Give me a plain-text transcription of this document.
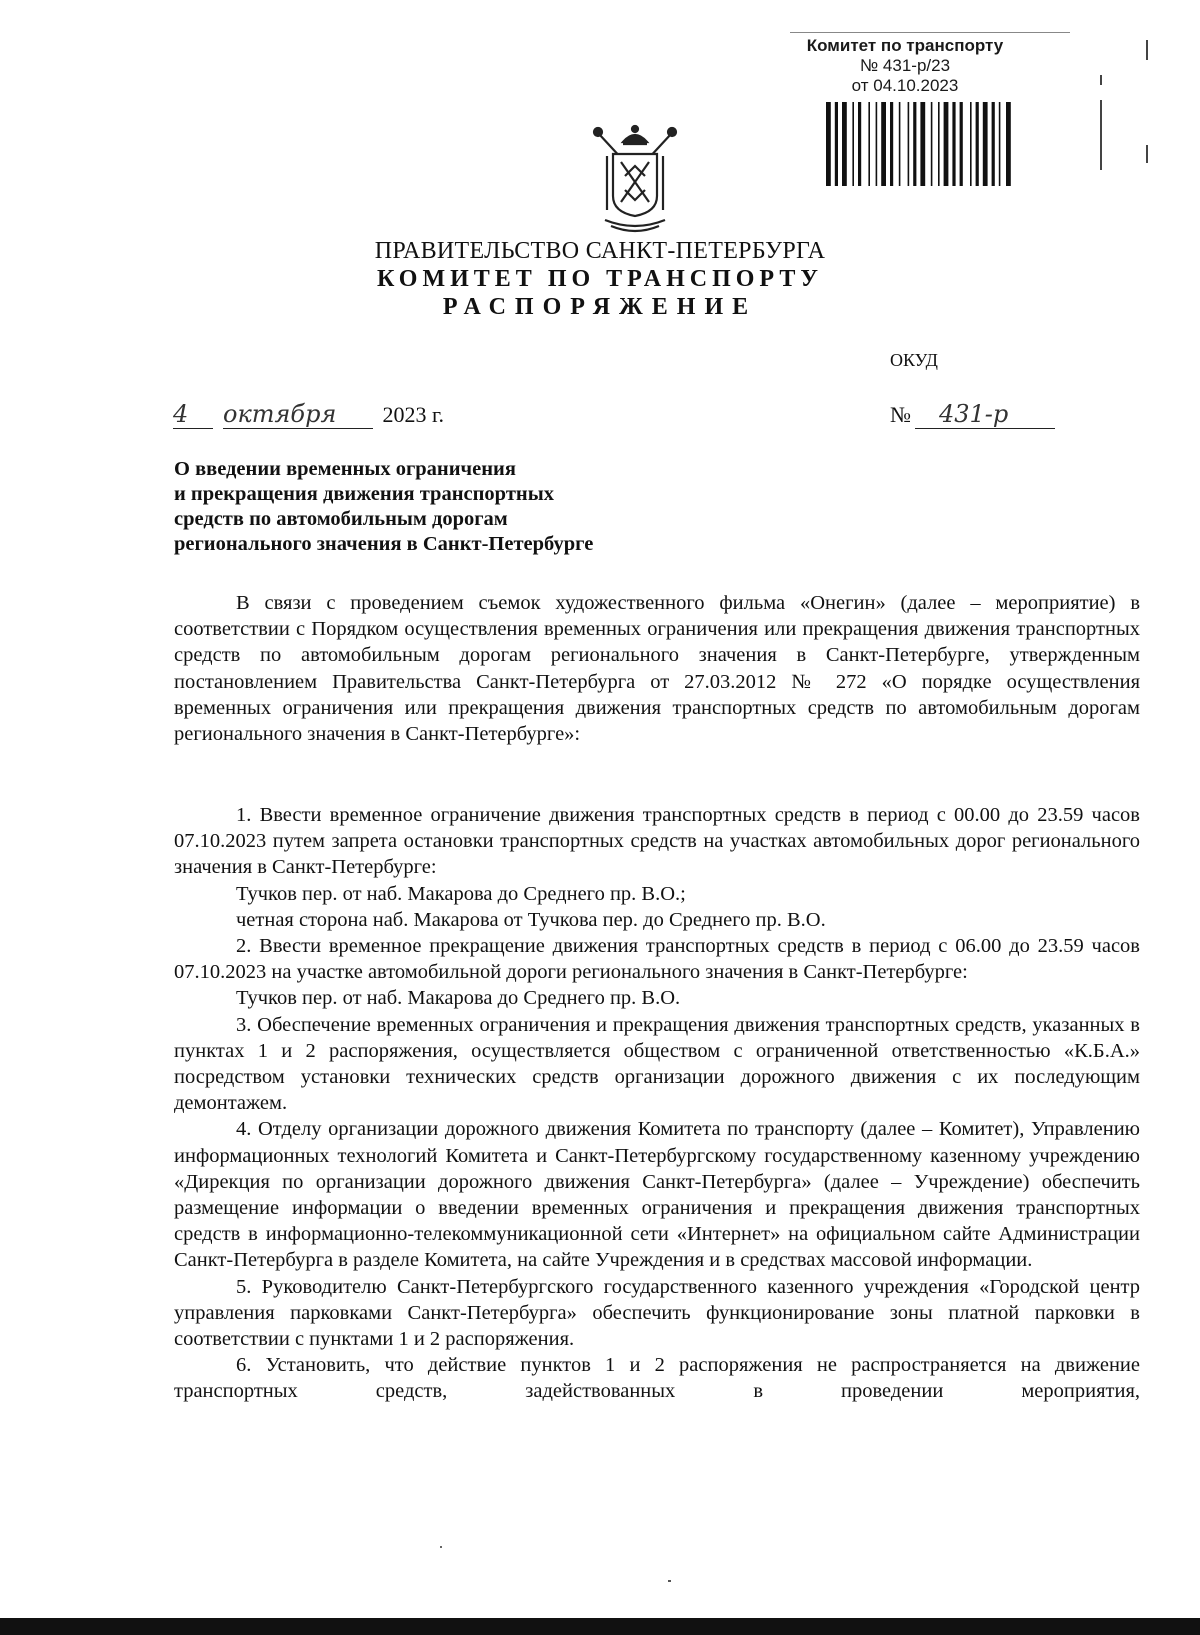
Комитет по транспорту
№ 431-р/23
от 04.10.2023
ПРАВИТЕЛЬСТВО САНКТ-ПЕТЕРБУРГА
КОМИТЕТ ПО ТРАНСПОРТУ
РАСПОРЯЖЕНИЕ
ОКУД
4 октября 2023 г.	№ 431-р
О введении временных ограничения
и прекращения движения транспортных
средств по автомобильным дорогам
регионального значения в Санкт-Петербурге

В связи с проведением съемок художественного фильма «Онегин» (далее – мероприятие) в соответствии с Порядком осуществления временных ограничения или прекращения движения транспортных средств по автомобильным дорогам регионального значения в Санкт-Петербурге, утвержденным постановлением Правительства Санкт-Петербурга от 27.03.2012 № 272 «О порядке осуществления временных ограничения или прекращения движения транспортных средств по автомобильным дорогам регионального значения в Санкт-Петербурге»:

1. Ввести временное ограничение движения транспортных средств в период с 00.00 до 23.59 часов 07.10.2023 путем запрета остановки транспортных средств на участках автомобильных дорог регионального значения в Санкт-Петербурге:

Тучков пер. от наб. Макарова до Среднего пр. В.О.;

четная сторона наб. Макарова от Тучкова пер. до Среднего пр. В.О.

2. Ввести временное прекращение движения транспортных средств в период с 06.00 до 23.59 часов 07.10.2023 на участке автомобильной дороги регионального значения в Санкт-Петербурге:

Тучков пер. от наб. Макарова до Среднего пр. В.О.

3. Обеспечение временных ограничения и прекращения движения транспортных средств, указанных в пунктах 1 и 2 распоряжения, осуществляется обществом с ограниченной ответственностью «К.Б.А.» посредством установки технических средств организации дорожного движения с их последующим демонтажем.

4. Отделу организации дорожного движения Комитета по транспорту (далее – Комитет), Управлению информационных технологий Комитета и Санкт-Петербургскому государственному казенному учреждению «Дирекция по организации дорожного движения Санкт-Петербурга» (далее – Учреждение) обеспечить размещение информации о введении временных ограничения и прекращения движения транспортных средств в информационно-телекоммуникационной сети «Интернет» на официальном сайте Администрации Санкт-Петербурга в разделе Комитета, на сайте Учреждения и в средствах массовой информации.

5. Руководителю Санкт-Петербургского государственного казенного учреждения «Городской центр управления парковками Санкт-Петербурга» обеспечить функционирование зоны платной парковки в соответствии с пунктами 1 и 2 распоряжения.

6. Установить, что действие пунктов 1 и 2 распоряжения не распространяется на движение транспортных средств, задействованных в проведении мероприятия,
